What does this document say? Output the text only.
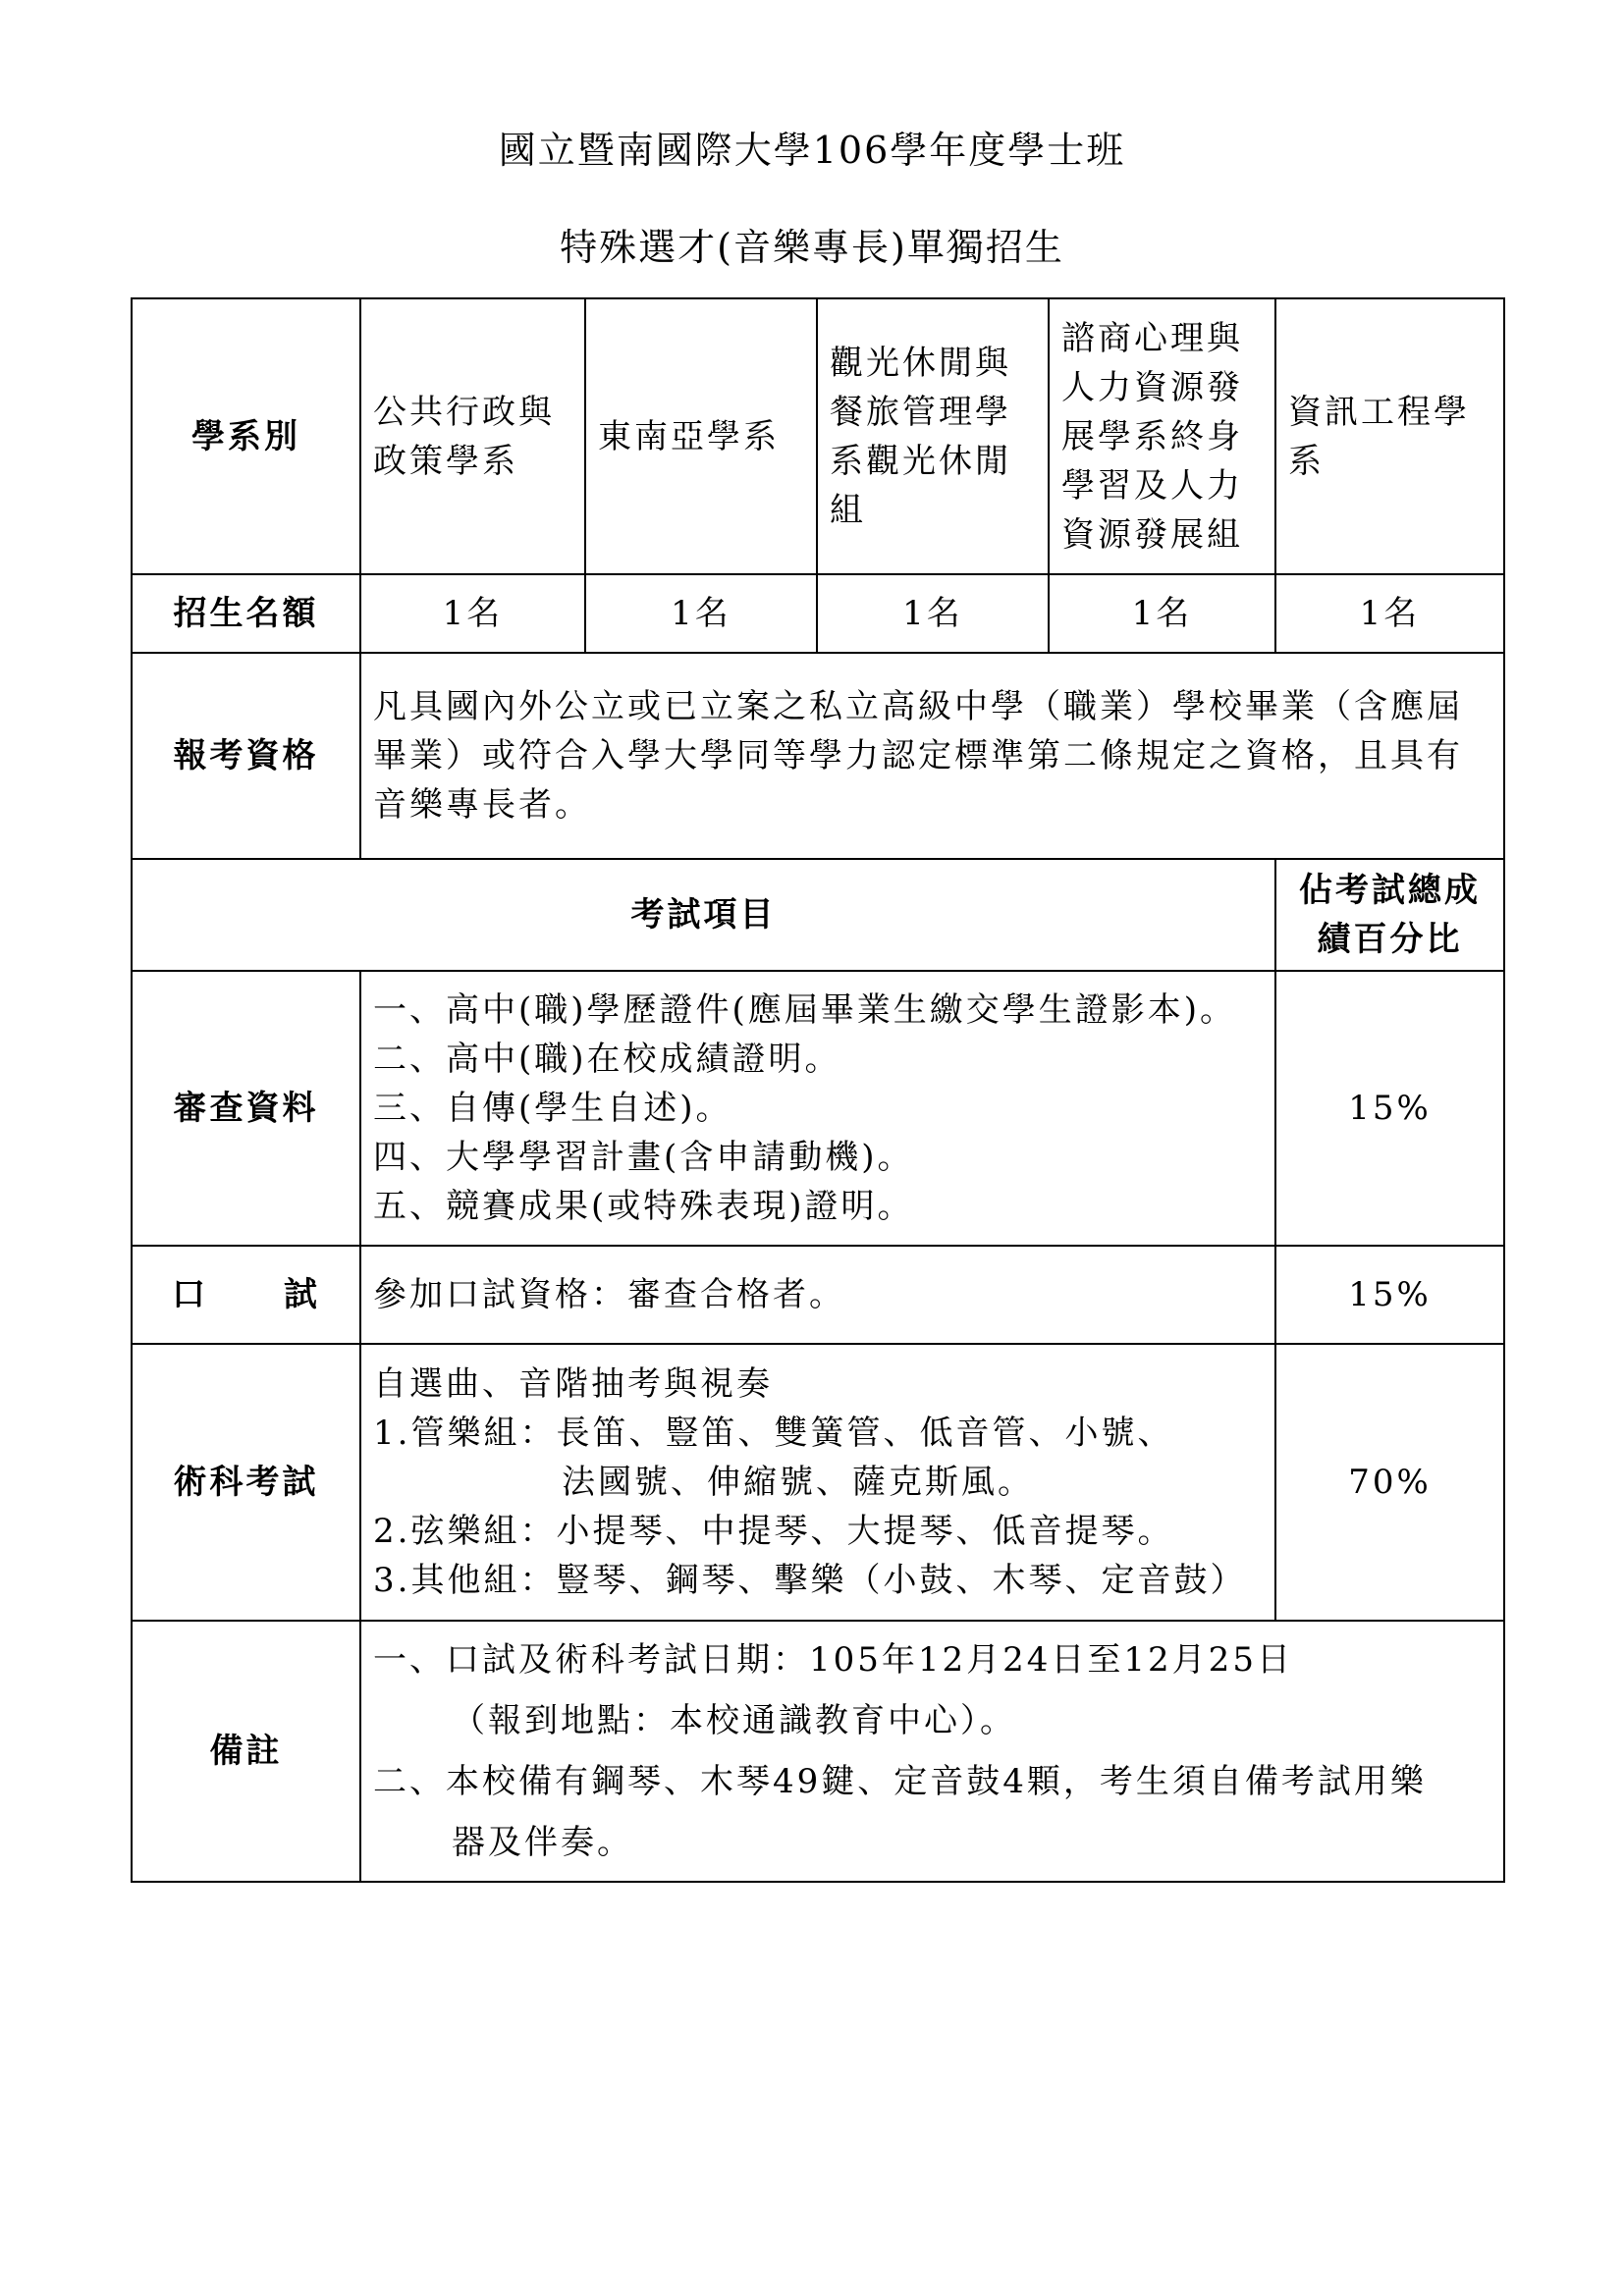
國立暨南國際大學106學年度學士班
特殊選才(音樂專長)單獨招生
學系別	公共行政與政策學系	東南亞學系	觀光休閒與餐旅管理學系觀光休閒組	諮商心理與人力資源發展學系終身學習及人力資源發展組	資訊工程學系
招生名額	1名	1名	1名	1名	1名
報考資格	凡具國內外公立或已立案之私立高級中學（職業）學校畢業（含應屆畢業）或符合入學大學同等學力認定標準第二條規定之資格，且具有音樂專長者。				
考試項目					佔考試總成績百分比
審查資料	一、高中(職)學歷證件(應屆畢業生繳交學生證影本)。
二、高中(職)在校成績證明。
三、自傳(學生自述)。
四、大學學習計畫(含申請動機)。
五、競賽成果(或特殊表現)證明。				15%

口 試	參加口試資格：審查合格者。				15%
術科考試	自選曲、音階抽考與視奏
1.管樂組：長笛、豎笛、雙簧管、低音管、小號、
法國號、伸縮號、薩克斯風。
2.弦樂組：小提琴、中提琴、大提琴、低音提琴。
3.其他組：豎琴、鋼琴、擊樂（小鼓、木琴、定音鼓）				70%
備註	一、口試及術科考試日期：105年12月24日至12月25日
（報到地點：本校通識教育中心）。
二、本校備有鋼琴、木琴49鍵、定音鼓4顆，考生須自備考試用樂
器及伴奏。				
